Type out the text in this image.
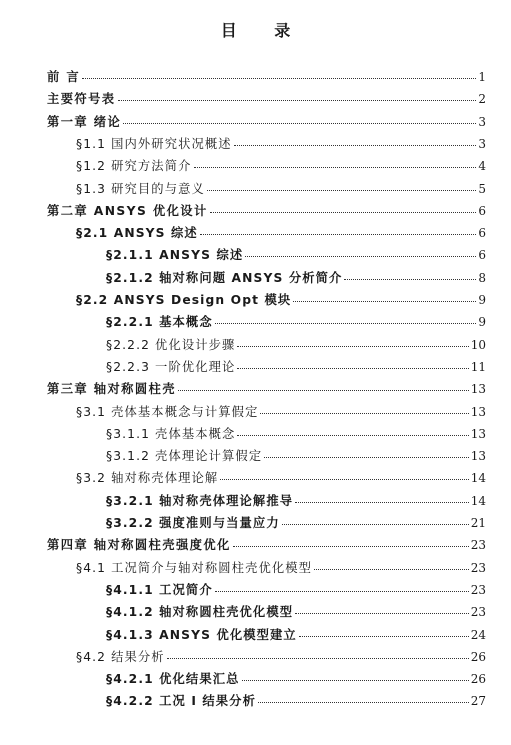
目 录
前 言	1
主要符号表	2
第一章 绪论	3
§1.1 国内外研究状况概述	3
§1.2 研究方法简介	4
§1.3 研究目的与意义	5
第二章 ANSYS 优化设计	6
§2.1 ANSYS 综述	6
§2.1.1 ANSYS 综述	6
§2.1.2 轴对称问题 ANSYS 分析简介	8
§2.2 ANSYS Design Opt 模块	9
§2.2.1 基本概念	9
§2.2.2 优化设计步骤	10
§2.2.3 一阶优化理论	11
第三章 轴对称圆柱壳	13
§3.1 壳体基本概念与计算假定	13
§3.1.1 壳体基本概念	13
§3.1.2 壳体理论计算假定	13
§3.2 轴对称壳体理论解	14
§3.2.1 轴对称壳体理论解推导	14
§3.2.2 强度准则与当量应力	21
第四章 轴对称圆柱壳强度优化	23
§4.1 工况简介与轴对称圆柱壳优化模型	23
§4.1.1 工况简介	23
§4.1.2 轴对称圆柱壳优化模型	23
§4.1.3 ANSYS 优化模型建立	24
§4.2 结果分析	26
§4.2.1 优化结果汇总	26
§4.2.2 工况 I 结果分析	27
